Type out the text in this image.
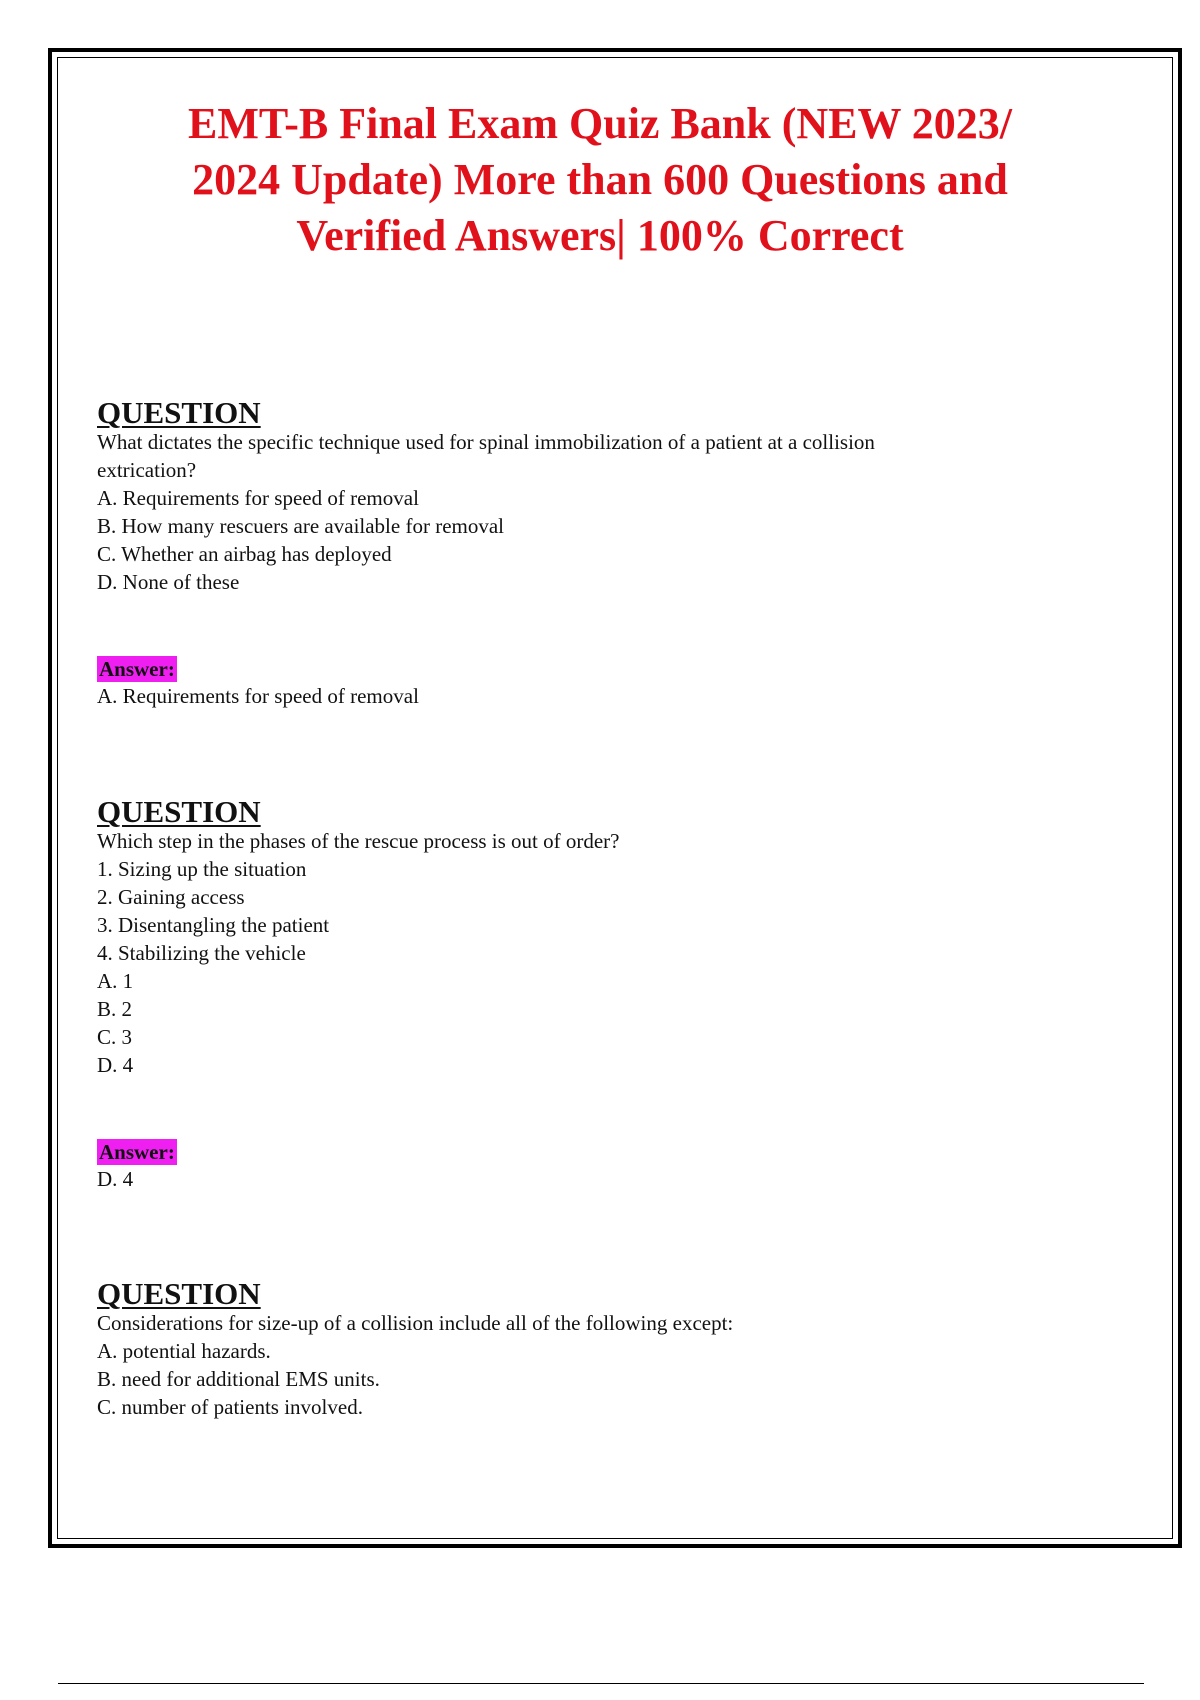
EMT-B Final Exam Quiz Bank (NEW 2023/
2024 Update) More than 600 Questions and
Verified Answers| 100% Correct
QUESTION
What dictates the specific technique used for spinal immobilization of a patient at a collision
extrication?
A. Requirements for speed of removal
B. How many rescuers are available for removal
C. Whether an airbag has deployed
D. None of these
Answer:
A. Requirements for speed of removal
QUESTION
Which step in the phases of the rescue process is out of order?
1. Sizing up the situation
2. Gaining access
3. Disentangling the patient
4. Stabilizing the vehicle
A. 1
B. 2
C. 3
D. 4
Answer:
D. 4
QUESTION
Considerations for size-up of a collision include all of the following except:
A. potential hazards.
B. need for additional EMS units.
C. number of patients involved.
